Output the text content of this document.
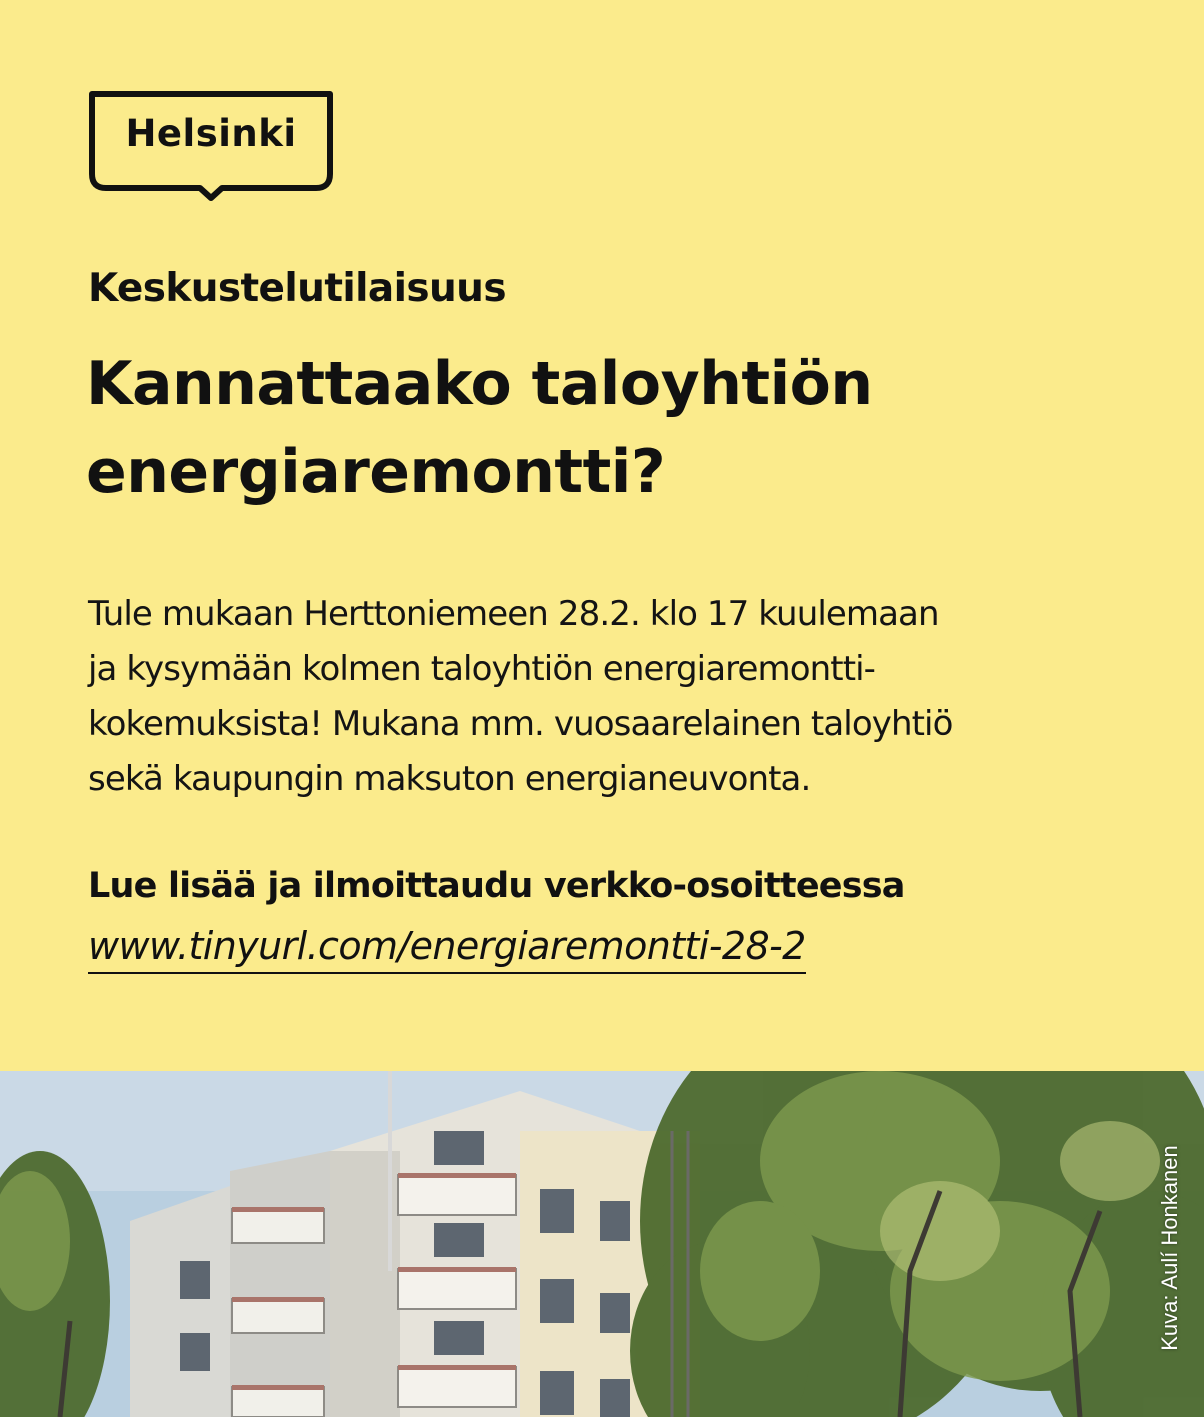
Helsinki

Keskustelutilaisuus

Kannattaako taloyhtiön
energiaremontti?

Tule mukaan Herttoniemeen 28.2. klo 17 kuulemaan
ja kysymään kolmen taloyhtiön energiaremontti-
kokemuksista! Mukana mm. vuosaarelainen taloyhtiö
sekä kaupungin maksuton energianeuvonta.

Lue lisää ja ilmoittaudu verkko-osoitteessa

www.tinyurl.com/energiaremontti-28-2
Kuva: Aulí Honkanen
